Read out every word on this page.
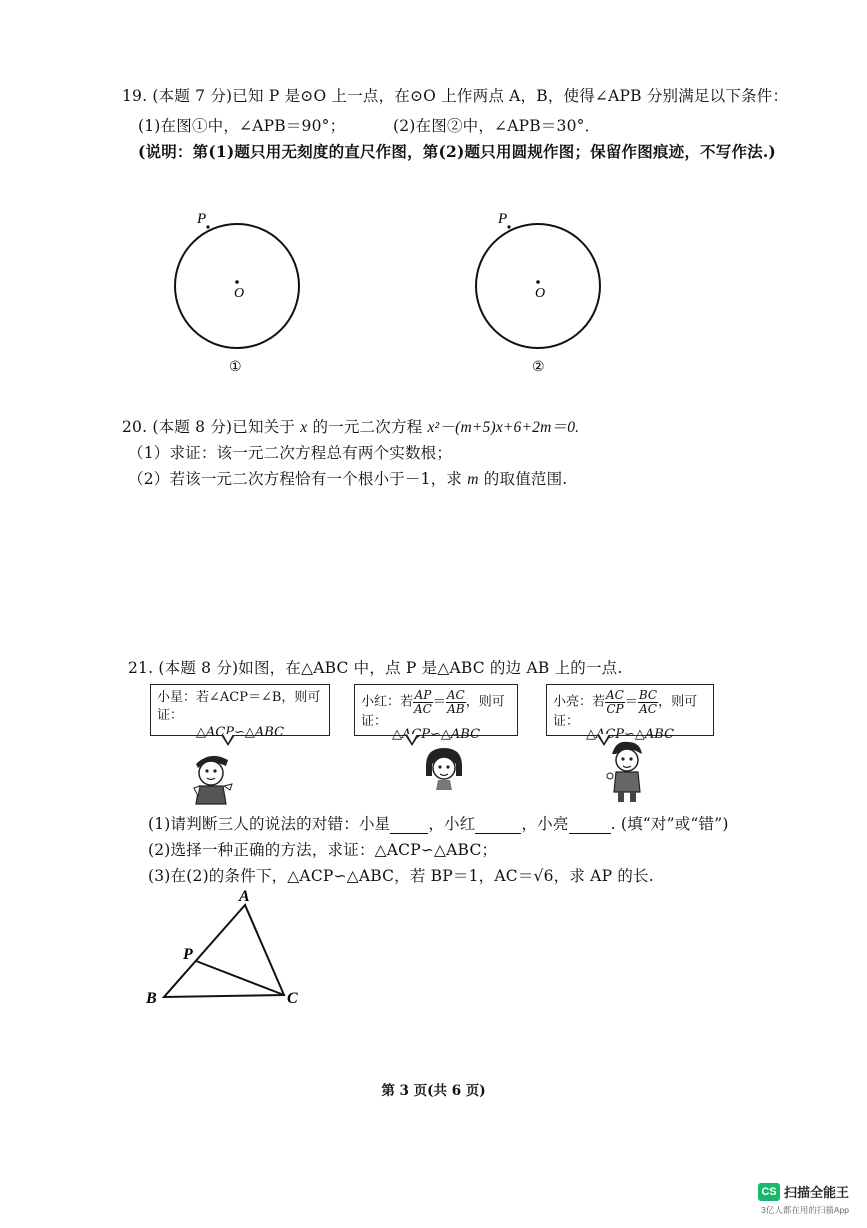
19. (本题 7 分)已知 P 是⊙O 上一点，在⊙O 上作两点 A，B，使得∠APB 分别满足以下条件：
(1)在图①中，∠APB＝90°；	(2)在图②中，∠APB＝30°．
(说明：第(1)题只用无刻度的直尺作图，第(2)题只用圆规作图；保留作图痕迹，不写作法.)
P
O
①
P
O
②
20. (本题 8 分)已知关于 x 的一元二次方程 x²－(m+5)x+6+2m＝0.
（1）求证：该一元二次方程总有两个实数根；
（2）若该一元二次方程恰有一个根小于－1，求 m 的取值范围.
21. (本题 8 分)如图，在△ABC 中，点 P 是△ABC 的边 AB 上的一点.
小星：若∠ACP＝∠B，则可证：
△ACP∽△ABC
小红：若 $\frac{AP}{AC} = \frac{AC}{AB}$ ，则可证：
△ACP∽△ABC
小亮：若 $\frac{AC}{CP} = \frac{BC}{AC}$ ，则可证：
△ACP∽△ABC
(1)请判断三人的说法的对错：小星 ，小红	，小亮	. (填“对”或“错”)
(2)选择一种正确的方法，求证：△ACP∽△ABC；
(3)在(2)的条件下，△ACP∽△ABC，若 BP＝1，AC＝√6，求 AP 的长.
A
P
B	C
第 3 页(共 6 页)
CS 扫描全能王
3亿人都在用的扫描App
